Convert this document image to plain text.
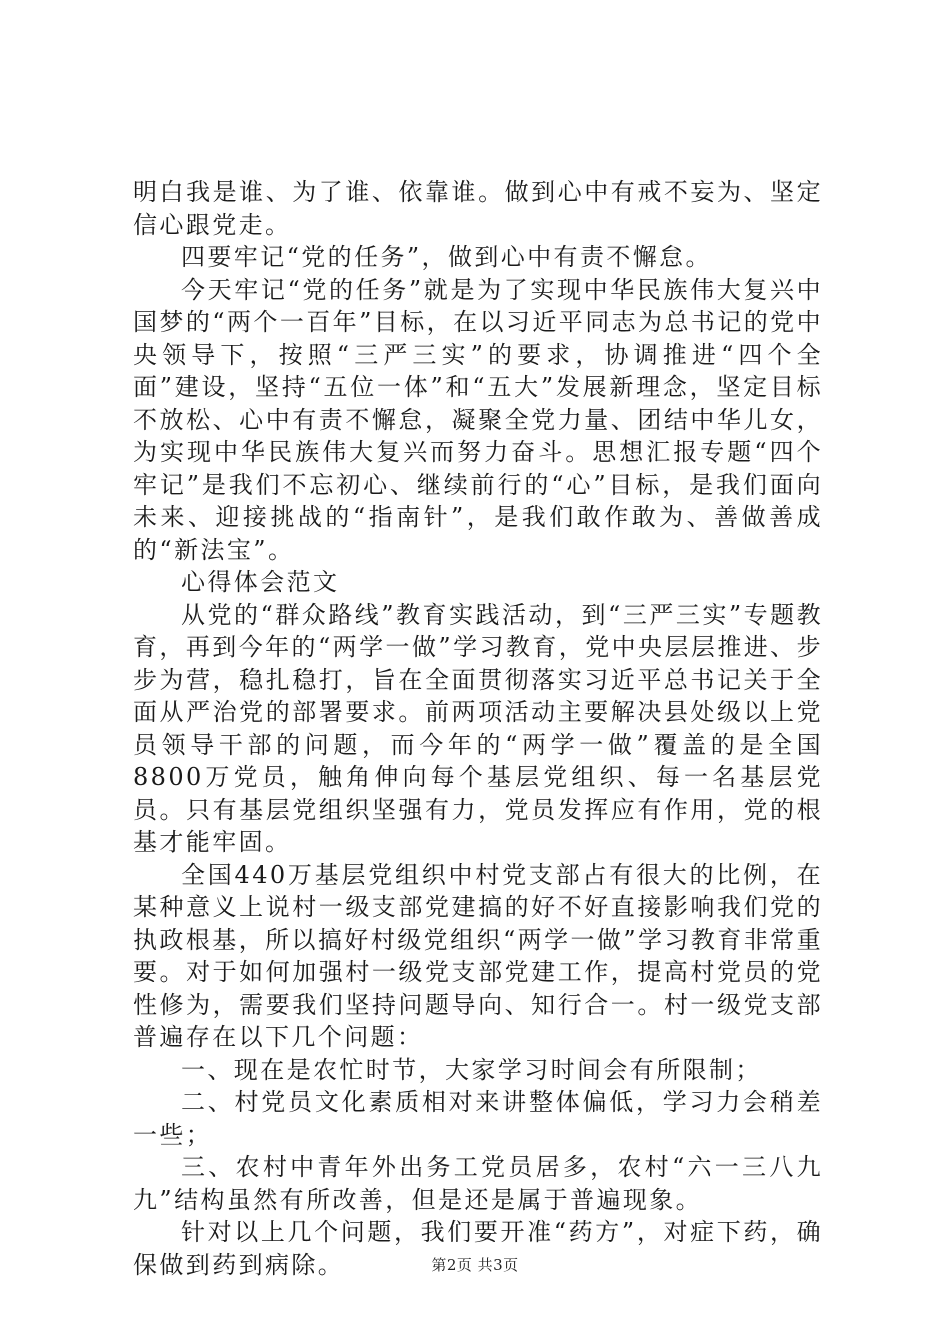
明白我是谁、为了谁、依靠谁。做到心中有戒不妄为、坚定信心跟党走。

四要牢记“党的任务”，做到心中有责不懈怠。

今天牢记“党的任务”就是为了实现中华民族伟大复兴中国梦的“两个一百年”目标，在以习近平同志为总书记的党中央领导下，按照“三严三实”的要求，协调推进“四个全面”建设，坚持“五位一体”和“五大”发展新理念，坚定目标不放松、心中有责不懈怠，凝聚全党力量、团结中华儿女，为实现中华民族伟大复兴而努力奋斗。思想汇报专题“四个牢记”是我们不忘初心、继续前行的“心”目标，是我们面向未来、迎接挑战的“指南针”，是我们敢作敢为、善做善成的“新法宝”。

心得体会范文

从党的“群众路线”教育实践活动，到“三严三实”专题教育，再到今年的“两学一做”学习教育，党中央层层推进、步步为营，稳扎稳打，旨在全面贯彻落实习近平总书记关于全面从严治党的部署要求。前两项活动主要解决县处级以上党员领导干部的问题，而今年的“两学一做”覆盖的是全国8800万党员，触角伸向每个基层党组织、每一名基层党员。只有基层党组织坚强有力，党员发挥应有作用，党的根基才能牢固。

全国440万基层党组织中村党支部占有很大的比例，在某种意义上说村一级支部党建搞的好不好直接影响我们党的执政根基，所以搞好村级党组织“两学一做”学习教育非常重要。对于如何加强村一级党支部党建工作，提高村党员的党性修为，需要我们坚持问题导向、知行合一。村一级党支部普遍存在以下几个问题：

一、现在是农忙时节，大家学习时间会有所限制；

二、村党员文化素质相对来讲整体偏低，学习力会稍差一些；

三、农村中青年外出务工党员居多，农村“六一三八九九”结构虽然有所改善，但是还是属于普遍现象。

针对以上几个问题，我们要开准“药方”，对症下药，确保做到药到病除。	第2页 共3页
